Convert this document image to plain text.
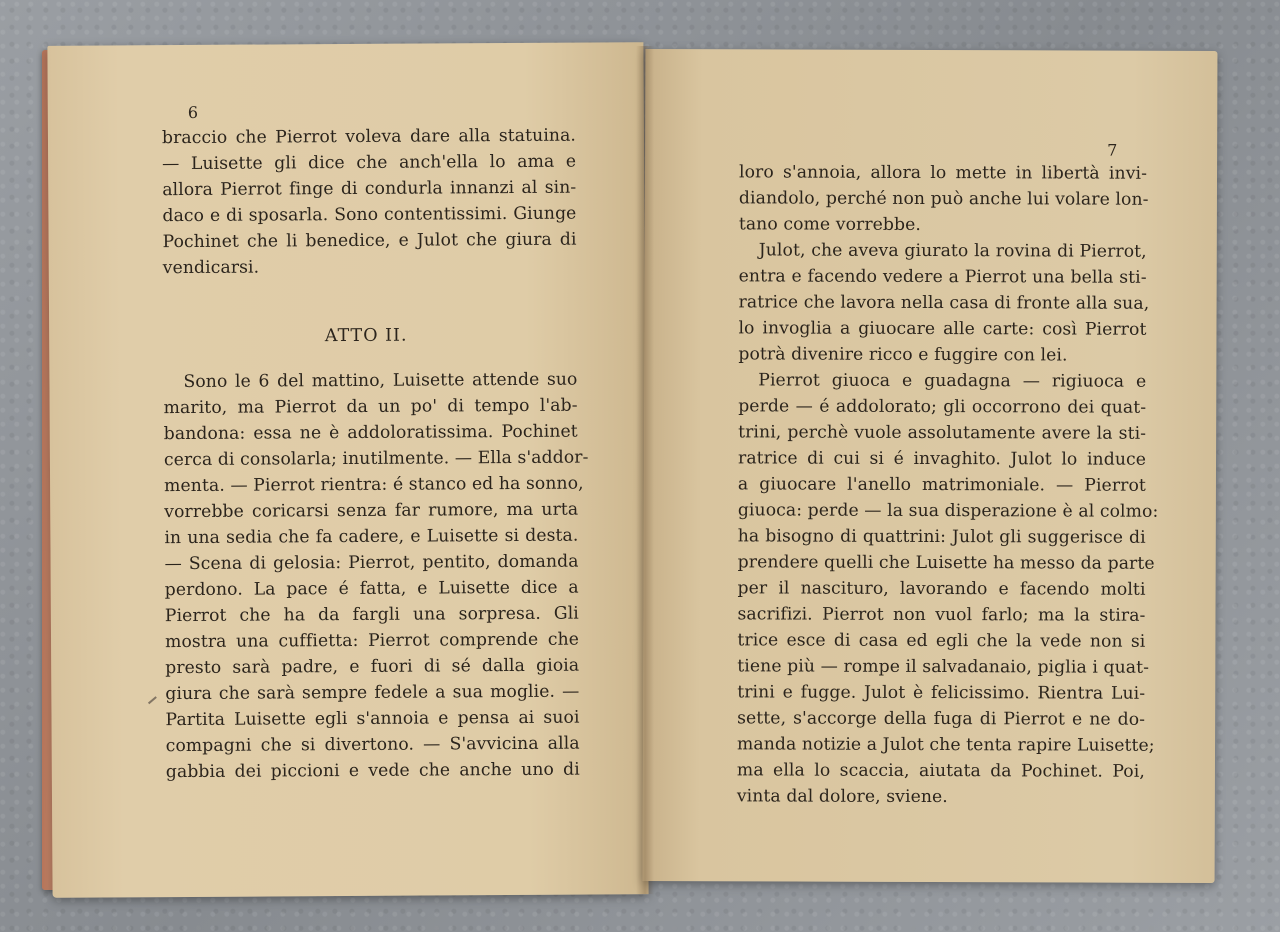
6
braccio che Pierrot voleva dare alla statuina.
— Luisette gli dice che anch'ella lo ama e
allora Pierrot finge di condurla innanzi al sin-
daco e di sposarla. Sono contentissimi. Giunge
Pochinet che li benedice, e Julot che giura di
vendicarsi.
ATTO II.
Sono le 6 del mattino, Luisette attende suo
marito, ma Pierrot da un po' di tempo l'ab-
bandona: essa ne è addoloratissima. Pochinet
cerca di consolarla; inutilmente. — Ella s'addor-
menta. — Pierrot rientra: é stanco ed ha sonno,
vorrebbe coricarsi senza far rumore, ma urta
in una sedia che fa cadere, e Luisette si desta.
— Scena di gelosia: Pierrot, pentito, domanda
perdono. La pace é fatta, e Luisette dice a
Pierrot che ha da fargli una sorpresa. Gli
mostra una cuffietta: Pierrot comprende che
presto sarà padre, e fuori di sé dalla gioia
giura che sarà sempre fedele a sua moglie. —
Partita Luisette egli s'annoia e pensa ai suoi
compagni che si divertono. — S'avvicina alla
gabbia dei piccioni e vede che anche uno di
7
loro s'annoia, allora lo mette in libertà invi-
diandolo, perché non può anche lui volare lon-
tano come vorrebbe.
Julot, che aveva giurato la rovina di Pierrot,
entra e facendo vedere a Pierrot una bella sti-
ratrice che lavora nella casa di fronte alla sua,
lo invoglia a giuocare alle carte: così Pierrot
potrà divenire ricco e fuggire con lei.
Pierrot giuoca e guadagna — rigiuoca e
perde — é addolorato; gli occorrono dei quat-
trini, perchè vuole assolutamente avere la sti-
ratrice di cui si é invaghito. Julot lo induce
a giuocare l'anello matrimoniale. — Pierrot
giuoca: perde — la sua disperazione è al colmo:
ha bisogno di quattrini: Julot gli suggerisce di
prendere quelli che Luisette ha messo da parte
per il nascituro, lavorando e facendo molti
sacrifizi. Pierrot non vuol farlo; ma la stira-
trice esce di casa ed egli che la vede non si
tiene più — rompe il salvadanaio, piglia i quat-
trini e fugge. Julot è felicissimo. Rientra Lui-
sette, s'accorge della fuga di Pierrot e ne do-
manda notizie a Julot che tenta rapire Luisette;
ma ella lo scaccia, aiutata da Pochinet. Poi,
vinta dal dolore, sviene.
